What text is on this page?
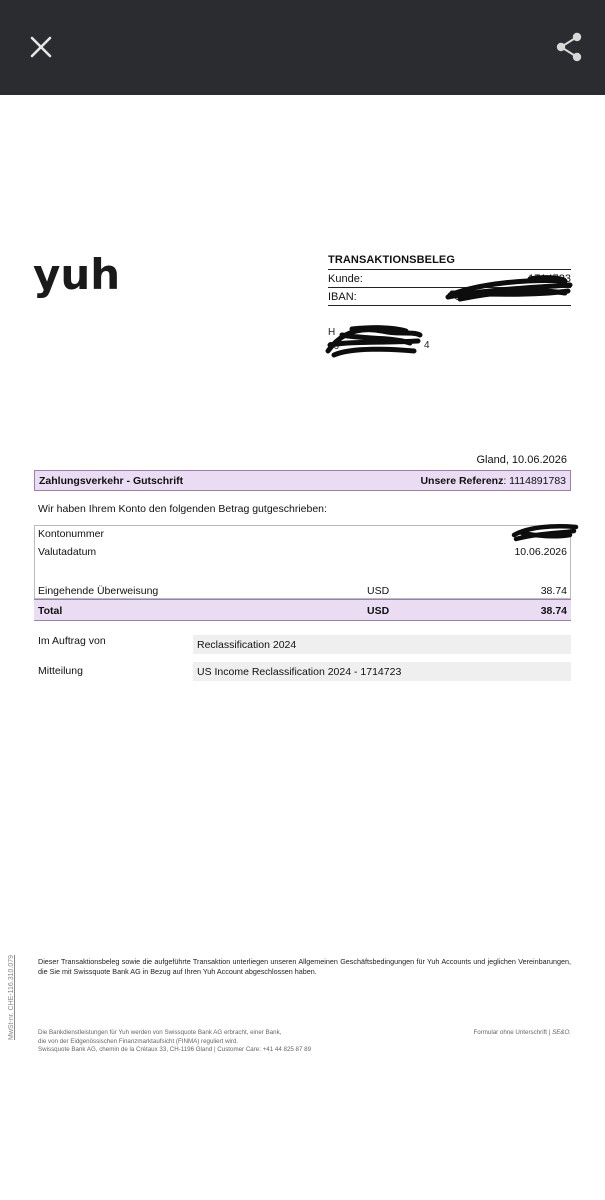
yuh	TRANSAKTIONSBELEG
Kunde:	1714723
IBAN:	CH
H
86	4
Gland, 10.06.2026
Zahlungsverkehr - Gutschrift	Unsere Referenz: 1114891783
Wir haben Ihrem Konto den folgenden Betrag gutgeschrieben:
Kontonummer	1
Valutadatum	10.06.2026
Eingehende Überweisung	USD	38.74
Total	USD	38.74
Im Auftrag von	Reclassification 2024
Mitteilung	US Income Reclassification 2024 - 1714723
Dieser Transaktionsbeleg sowie die aufgeführte Transaktion unterliegen unseren Allgemeinen Geschäftsbedingungen für Yuh Accounts und jeglichen Vereinbarungen, die Sie mit Swissquote Bank AG in Bezug auf Ihren Yuh Account abgeschlossen haben.
Die Bankdienstleistungen für Yuh werden von Swissquote Bank AG erbracht, einer Bank,
die von der Eidgenössischen Finanzmarktaufsicht (FINMA) reguliert wird.
Swissquote Bank AG, chemin de la Crétaux 33, CH-1196 Gland | Customer Care: +41 44 825 87 89
Formular ohne Unterschrift | SE&O.
MwSt-nr. CHE-116.310.079
